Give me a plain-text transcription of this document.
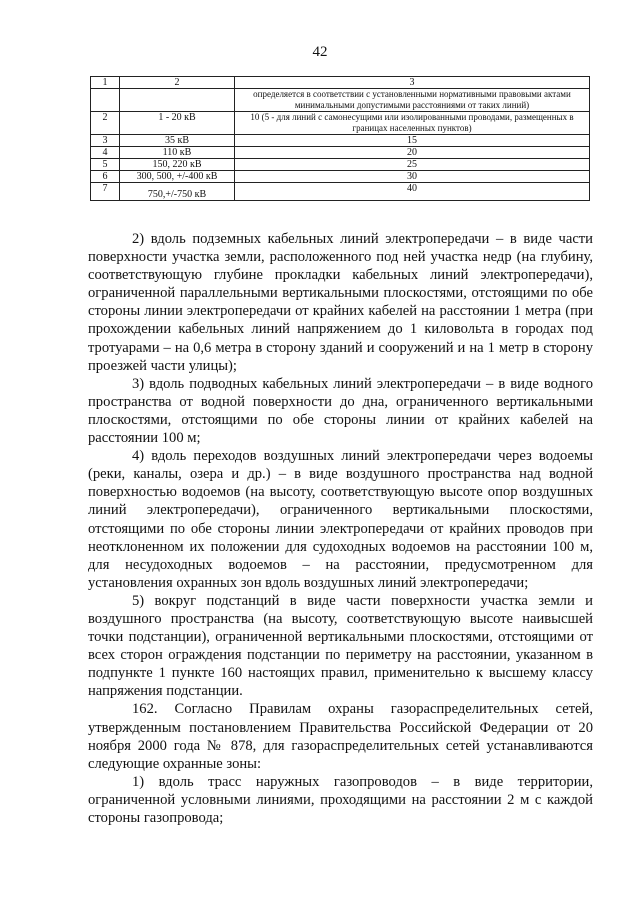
42
1	2	3
		определяется в соответствии с установленными нормативными правовыми актами минимальными допустимыми расстояниями от таких линий)
2	1 - 20 кВ	10 (5 - для линий с самонесущими или изолированными проводами, размещенных в границах населенных пунктов)
3	35 кВ	15
4	110 кВ	20
5	150, 220 кВ	25
6	300, 500, +/-400 кВ	30
7	750,+/-750 кВ	40

2) вдоль подземных кабельных линий электропередачи – в виде части поверхности участка земли, расположенного под ней участка недр (на глубину, соответствующую глубине прокладки кабельных линий электропередачи), ограниченной параллельными вертикальными плоскостями, отстоящими по обе стороны линии электропередачи от крайних кабелей на расстоянии 1 метра (при прохождении кабельных линий напряжением до 1 киловольта в городах под тротуарами – на 0,6 метра в сторону зданий и сооружений и на 1 метр в сторону проезжей части улицы);

3) вдоль подводных кабельных линий электропередачи – в виде водного пространства от водной поверхности до дна, ограниченного вертикальными плоскостями, отстоящими по обе стороны линии от крайних кабелей на расстоянии 100 м;

4) вдоль переходов воздушных линий электропередачи через водоемы (реки, каналы, озера и др.) – в виде воздушного пространства над водной поверхностью водоемов (на высоту, соответствующую высоте опор воздушных линий электропередачи), ограниченного вертикальными плоскостями, отстоящими по обе стороны линии электропередачи от крайних проводов при неотклоненном их положении для судоходных водоемов на расстоянии 100 м, для несудоходных водоемов – на расстоянии, предусмотренном для установления охранных зон вдоль воздушных линий электропередачи;

5) вокруг подстанций в виде части поверхности участка земли и воздушного пространства (на высоту, соответствующую высоте наивысшей точки подстанции), ограниченной вертикальными плоскостями, отстоящими от всех сторон ограждения подстанции по периметру на расстоянии, указанном в подпункте 1 пункте 160 настоящих правил, применительно к высшему классу напряжения подстанции.

162. Согласно Правилам охраны газораспределительных сетей, утвержденным постановлением Правительства Российской Федерации от 20 ноября 2000 года № 878, для газораспределительных сетей устанавливаются следующие охранные зоны:

1) вдоль трасс наружных газопроводов – в виде территории, ограниченной условными линиями, проходящими на расстоянии 2 м с каждой стороны газопровода;
